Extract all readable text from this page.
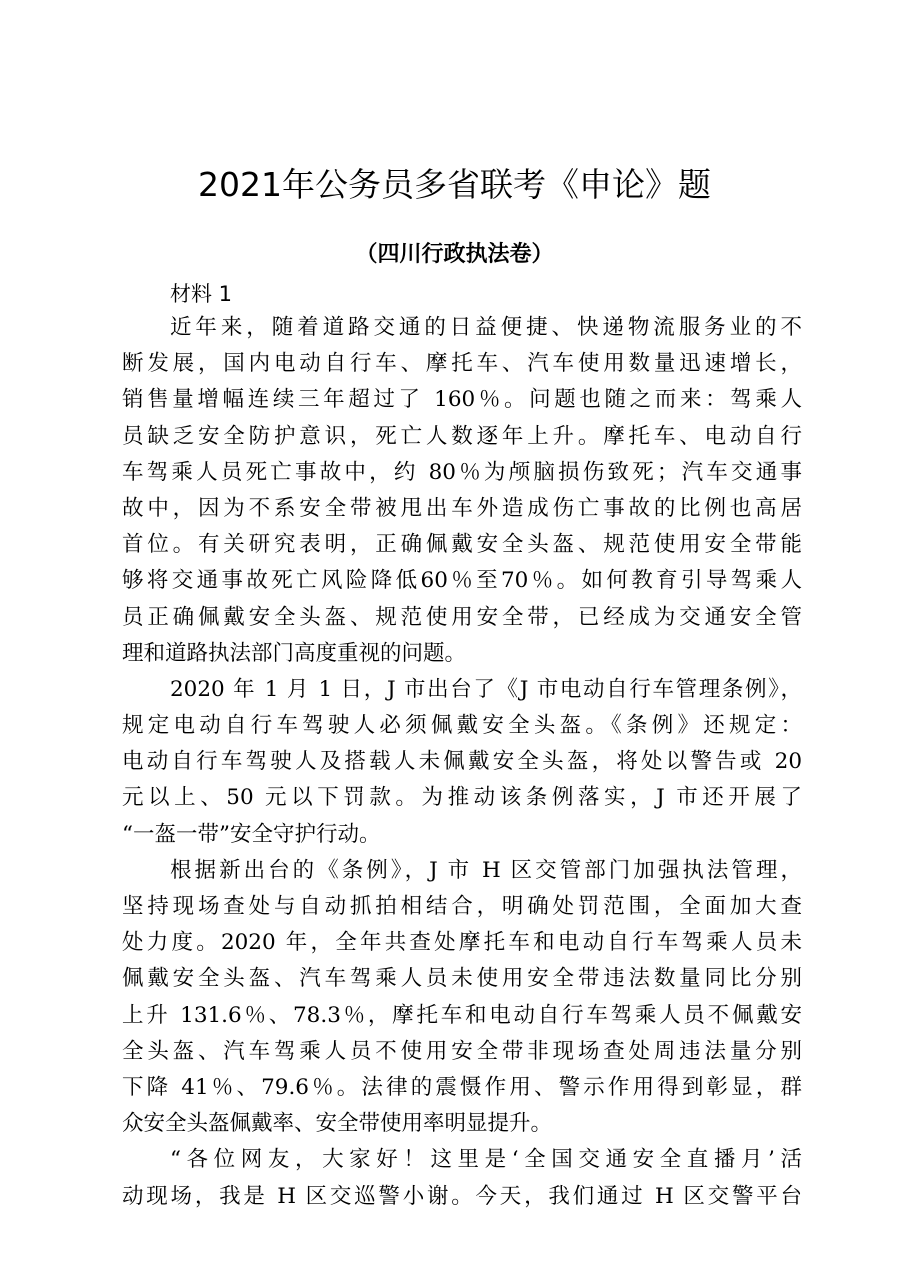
2021年公务员多省联考《申论》题
（四川行政执法卷）
材料 1
近年来，随着道路交通的日益便捷、快递物流服务业的不
断发展，国内电动自行车、摩托车、汽车使用数量迅速增长，
销售量增幅连续三年超过了 160％。问题也随之而来：驾乘人
员缺乏安全防护意识，死亡人数逐年上升。摩托车、电动自行
车驾乘人员死亡事故中，约 80％为颅脑损伤致死；汽车交通事
故中，因为不系安全带被甩出车外造成伤亡事故的比例也高居
首位。有关研究表明，正确佩戴安全头盔、规范使用安全带能
够将交通事故死亡风险降低60％至70％。如何教育引导驾乘人
员正确佩戴安全头盔、规范使用安全带，已经成为交通安全管
理和道路执法部门高度重视的问题。
2020 年 1 月 1 日，J 市出台了《J 市电动自行车管理条例》，
规定电动自行车驾驶人必须佩戴安全头盔。《条例》还规定：
电动自行车驾驶人及搭载人未佩戴安全头盔，将处以警告或 20
元以上、50 元以下罚款。为推动该条例落实，J 市还开展了
“一盔一带”安全守护行动。
根据新出台的《条例》，J 市 H 区交管部门加强执法管理，
坚持现场查处与自动抓拍相结合，明确处罚范围，全面加大查
处力度。2020 年，全年共查处摩托车和电动自行车驾乘人员未
佩戴安全头盔、汽车驾乘人员未使用安全带违法数量同比分别
上升 131.6％、78.3％，摩托车和电动自行车驾乘人员不佩戴安
全头盔、汽车驾乘人员不使用安全带非现场查处周违法量分别
下降 41％、79.6％。法律的震慑作用、警示作用得到彰显，群
众安全头盔佩戴率、安全带使用率明显提升。
“各位网友，大家好！这里是‘全国交通安全直播月’活
动现场，我是 H 区交巡警小谢。今天，我们通过 H 区交警平台
